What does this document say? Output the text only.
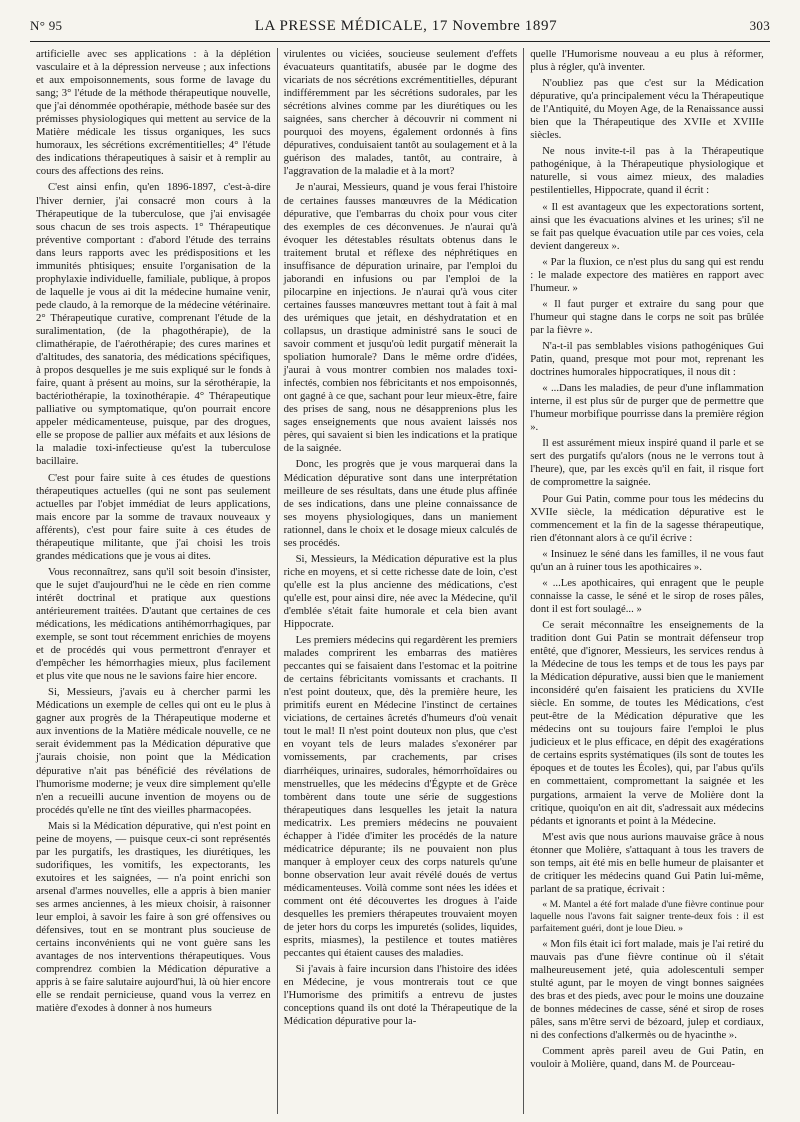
N° 95	LA PRESSE MÉDICALE, 17 Novembre 1897	303

artificielle avec ses applications : à la déplétion vasculaire et à la dépression nerveuse ; aux infections et aux empoisonnements, sous forme de lavage du sang; 3° l'étude de la méthode thérapeutique nouvelle, que j'ai dénommée opothérapie, méthode basée sur des prémisses physiologiques qui mettent au service de la Matière médicale les tissus organiques, les sucs humoraux, les sécrétions excrémentitielles; 4° l'étude des indications thérapeutiques à saisir et à remplir au cours des affections des reins.

C'est ainsi enfin, qu'en 1896-1897, c'est-à-dire l'hiver dernier, j'ai consacré mon cours à la Thérapeutique de la tuberculose, que j'ai envisagée sous chacun de ses trois aspects. 1° Thérapeutique préventive comportant : d'abord l'étude des terrains dans leurs rapports avec les prédispositions et les immunités phtisiques; ensuite l'organisation de la prophylaxie individuelle, familiale, publique, à propos de laquelle je vous ai dit la médecine humaine venir, pede claudo, à la remorque de la médecine vétérinaire. 2° Thérapeutique curative, comprenant l'étude de la suralimentation, (de la phagothérapie), de la climathérapie, de l'aérothérapie; des cures marines et d'altitudes, des sanatoria, des médications spécifiques, à propos desquelles je me suis expliqué sur le fonds à faire, quant à présent au moins, sur la sérothérapie, la bactériothérapie, la toxinothérapie. 4° Thérapeutique palliative ou symptomatique, qu'on pourrait encore appeler médicamenteuse, puisque, par des drogues, elle se propose de pallier aux méfaits et aux lésions de la maladie toxi-infectieuse qu'est la tuberculose bacillaire.

C'est pour faire suite à ces études de questions thérapeutiques actuelles (qui ne sont pas seulement actuelles par l'objet immédiat de leurs applications, mais encore par la somme de travaux nouveaux y afférents), c'est pour faire suite à ces études de thérapeutique militante, que j'ai choisi les trois grandes médications que je vous ai dites.

Vous reconnaîtrez, sans qu'il soit besoin d'insister, que le sujet d'aujourd'hui ne le cède en rien comme intérêt doctrinal et pratique aux questions antérieurement traitées. D'autant que certaines de ces médications, les médications antihémorrhagiques, par exemple, se sont tout récemment enrichies de moyens et de procédés qui vous permettront d'enrayer et d'empêcher les hémorrhagies mieux, plus facilement et plus vite que nous ne le savions faire hier encore.

Si, Messieurs, j'avais eu à chercher parmi les Médications un exemple de celles qui ont eu le plus à gagner aux progrès de la Thérapeutique moderne et aux inventions de la Matière médicale nouvelle, ce ne serait évidemment pas la Médication dépurative que j'aurais choisie, non point que la Médication dépurative n'ait pas bénéficié des révélations de l'humorisme moderne; je veux dire simplement qu'elle n'en a recueilli aucune invention de moyens ou de procédés qu'elle ne tînt des vieilles pharmacopées.

Mais si la Médication dépurative, qui n'est point en peine de moyens, — puisque ceux-ci sont représentés par les purgatifs, les drastiques, les diurétiques, les sudorifiques, les vomitifs, les expectorants, les exutoires et les saignées, — n'a point enrichi son arsenal d'armes nouvelles, elle a appris à bien manier ses armes anciennes, à les mieux choisir, à raisonner leur emploi, à savoir les faire à son gré offensives ou défensives, tout en se montrant plus soucieuse de certains inconvénients qui ne vont guère sans les avantages de nos interventions thérapeutiques. Vous comprendrez combien la Médication dépurative a appris à se faire salutaire aujourd'hui, là où hier encore elle se rendait pernicieuse, quand vous la verrez en matière d'exodes à donner à nos humeurs

virulentes ou viciées, soucieuse seulement d'effets évacuateurs quantitatifs, abusée par le dogme des vicariats de nos sécrétions excrémentitielles, dépurant indifféremment par les sécrétions sudorales, par les sécrétions alvines comme par les diurétiques ou les saignées, sans chercher à découvrir ni comment ni pourquoi des moyens, également ordonnés à fins dépuratives, conduisaient tantôt au soulagement et à la guérison des malades, tantôt, au contraire, à l'aggravation de la maladie et à la mort?

Je n'aurai, Messieurs, quand je vous ferai l'histoire de certaines fausses manœuvres de la Médication dépurative, que l'embarras du choix pour vous citer des exemples de ces déconvenues. Je n'aurai qu'à évoquer les détestables résultats obtenus dans le traitement brutal et réflexe des néphrétiques en insuffisance de dépuration urinaire, par l'emploi du jaborandi en infusions ou par l'emploi de la pilocarpine en injections. Je n'aurai qu'à vous citer certaines fausses manœuvres mettant tout à fait à mal des urémiques que jetait, en déshydratation et en collapsus, un drastique administré sans le souci de savoir comment et jusqu'où ledit purgatif mènerait la spoliation humorale? Dans le même ordre d'idées, j'aurai à vous montrer combien nos malades toxi-infectés, combien nos fébricitants et nos empoisonnés, ont gagné à ce que, sachant pour leur mieux-être, faire des prises de sang, nous ne désapprenions plus les sages enseignements que nous avaient laissés nos pères, qui savaient si bien les indications et la pratique de la saignée.

Donc, les progrès que je vous marquerai dans la Médication dépurative sont dans une interprétation meilleure de ses résultats, dans une étude plus affinée de ses indications, dans une pleine connaissance de ses moyens physiologiques, dans un maniement rationnel, dans le choix et le dosage mieux calculés de ses procédés.

Si, Messieurs, la Médication dépurative est la plus riche en moyens, et si cette richesse date de loin, c'est qu'elle est la plus ancienne des médications, c'est qu'elle est, pour ainsi dire, née avec la Médecine, qu'il d'emblée s'était faite humorale et cela bien avant Hippocrate.

Les premiers médecins qui regardèrent les premiers malades comprirent les embarras des matières peccantes qui se faisaient dans l'estomac et la poitrine de certains fébricitants vomissants et crachants. Il n'est point douteux, que, dès la première heure, les primitifs eurent en Médecine l'instinct de certaines viciations, de certaines âcretés d'humeurs d'où venait tout le mal! Il n'est point douteux non plus, que c'est en voyant tels de leurs malades s'exonérer par vomissements, par crachements, par crises diarrhéiques, urinaires, sudorales, hémorrhoïdaires ou menstruelles, que les médecins d'Égypte et de Grèce tombèrent dans toute une série de suggestions thérapeutiques dans lesquelles les jetait la natura medicatrix. Les premiers médecins ne pouvaient échapper à l'idée d'imiter les procédés de la nature médicatrice dépurante; ils ne pouvaient non plus manquer à employer ceux des corps naturels qu'une bonne observation leur avait révélé doués de vertus médicamenteuses. Voilà comme sont nées les idées et comment ont été découvertes les drogues à l'aide desquelles les premiers thérapeutes trouvaient moyen de jeter hors du corps les impuretés (solides, liquides, esprits, miasmes), la pestilence et toutes matières peccantes qui étaient causes des maladies.

Si j'avais à faire incursion dans l'histoire des idées en Médecine, je vous montrerais tout ce que l'Humorisme des primitifs a entrevu de justes conceptions quand ils ont doté la Thérapeutique de la Médication dépurative pour la-

quelle l'Humorisme nouveau a eu plus à réformer, plus à régler, qu'à inventer.

N'oubliez pas que c'est sur la Médication dépurative, qu'a principalement vécu la Thérapeutique de l'Antiquité, du Moyen Age, de la Renaissance aussi bien que la Thérapeutique des XVIIe et XVIIIe siècles.

Ne nous invite-t-il pas à la Thérapeutique pathogénique, à la Thérapeutique physiologique et naturelle, si vous aimez mieux, des maladies pestilentielles, Hippocrate, quand il écrit :

« Il est avantageux que les expectorations sortent, ainsi que les évacuations alvines et les urines; s'il ne se fait pas quelque évacuation utile par ces voies, cela devient dangereux ».

« Par la fluxion, ce n'est plus du sang qui est rendu : le malade expectore des matières en rapport avec l'humeur. »

« Il faut purger et extraire du sang pour que l'humeur qui stagne dans le corps ne soit pas brûlée par la fièvre ».

N'a-t-il pas semblables visions pathogéniques Gui Patin, quand, presque mot pour mot, reprenant les doctrines humorales hippocratiques, il nous dit :

« ...Dans les maladies, de peur d'une inflammation interne, il est plus sûr de purger que de permettre que l'humeur morbifique pourrisse dans la première région ».

Il est assurément mieux inspiré quand il parle et se sert des purgatifs qu'alors (nous ne le verrons tout à l'heure), que, par les excès qu'il en fait, il risque fort de compromettre la saignée.

Pour Gui Patin, comme pour tous les médecins du XVIIe siècle, la médication dépurative est le commencement et la fin de la sagesse thérapeutique, rien d'étonnant alors à ce qu'il écrive :

« Insinuez le séné dans les familles, il ne vous faut qu'un an à ruiner tous les apothicaires ».

« ...Les apothicaires, qui enragent que le peuple connaisse la casse, le séné et le sirop de roses pâles, dont il est fort soulagé... »

Ce serait méconnaître les enseignements de la tradition dont Gui Patin se montrait défenseur trop entêté, que d'ignorer, Messieurs, les services rendus à la Médecine de tous les temps et de tous les pays par la Médication dépurative, aussi bien que le maniement inconsidéré qu'en faisaient les praticiens du XVIIe siècle. En somme, de toutes les Médications, c'est peut-être de la Médication dépurative que les médecins ont su toujours faire l'emploi le plus judicieux et le plus efficace, en dépit des exagérations de certains esprits systématiques (ils sont de toutes les époques et de toutes les Écoles), qui, par l'abus qu'ils en commettaient, compromettant la saignée et les purgations, armaient la verve de Molière dont la critique, quoiqu'on en ait dit, s'adressait aux médecins pédants et ignorants et point à la Médecine.

M'est avis que nous aurions mauvaise grâce à nous étonner que Molière, s'attaquant à tous les travers de son temps, ait été mis en belle humeur de plaisanter et de critiquer les médecins quand Gui Patin lui-même, parlant de sa pratique, écrivait :

« M. Mantel a été fort malade d'une fièvre continue pour laquelle nous l'avons fait saigner trente-deux fois : il est parfaitement guéri, dont je loue Dieu. »

« Mon fils était ici fort malade, mais je l'ai retiré du mauvais pas d'une fièvre continue où il s'était malheureusement jeté, quia adolescentuli semper stulté agunt, par le moyen de vingt bonnes saignées des bras et des pieds, avec pour le moins une douzaine de bonnes médecines de casse, séné et sirop de roses pâles, sans m'être servi de bézoard, julep et cordiaux, ni des confections d'alkermès ou de hyacinthe ».

Comment après pareil aveu de Gui Patin, en vouloir à Molière, quand, dans M. de Pourceau-
